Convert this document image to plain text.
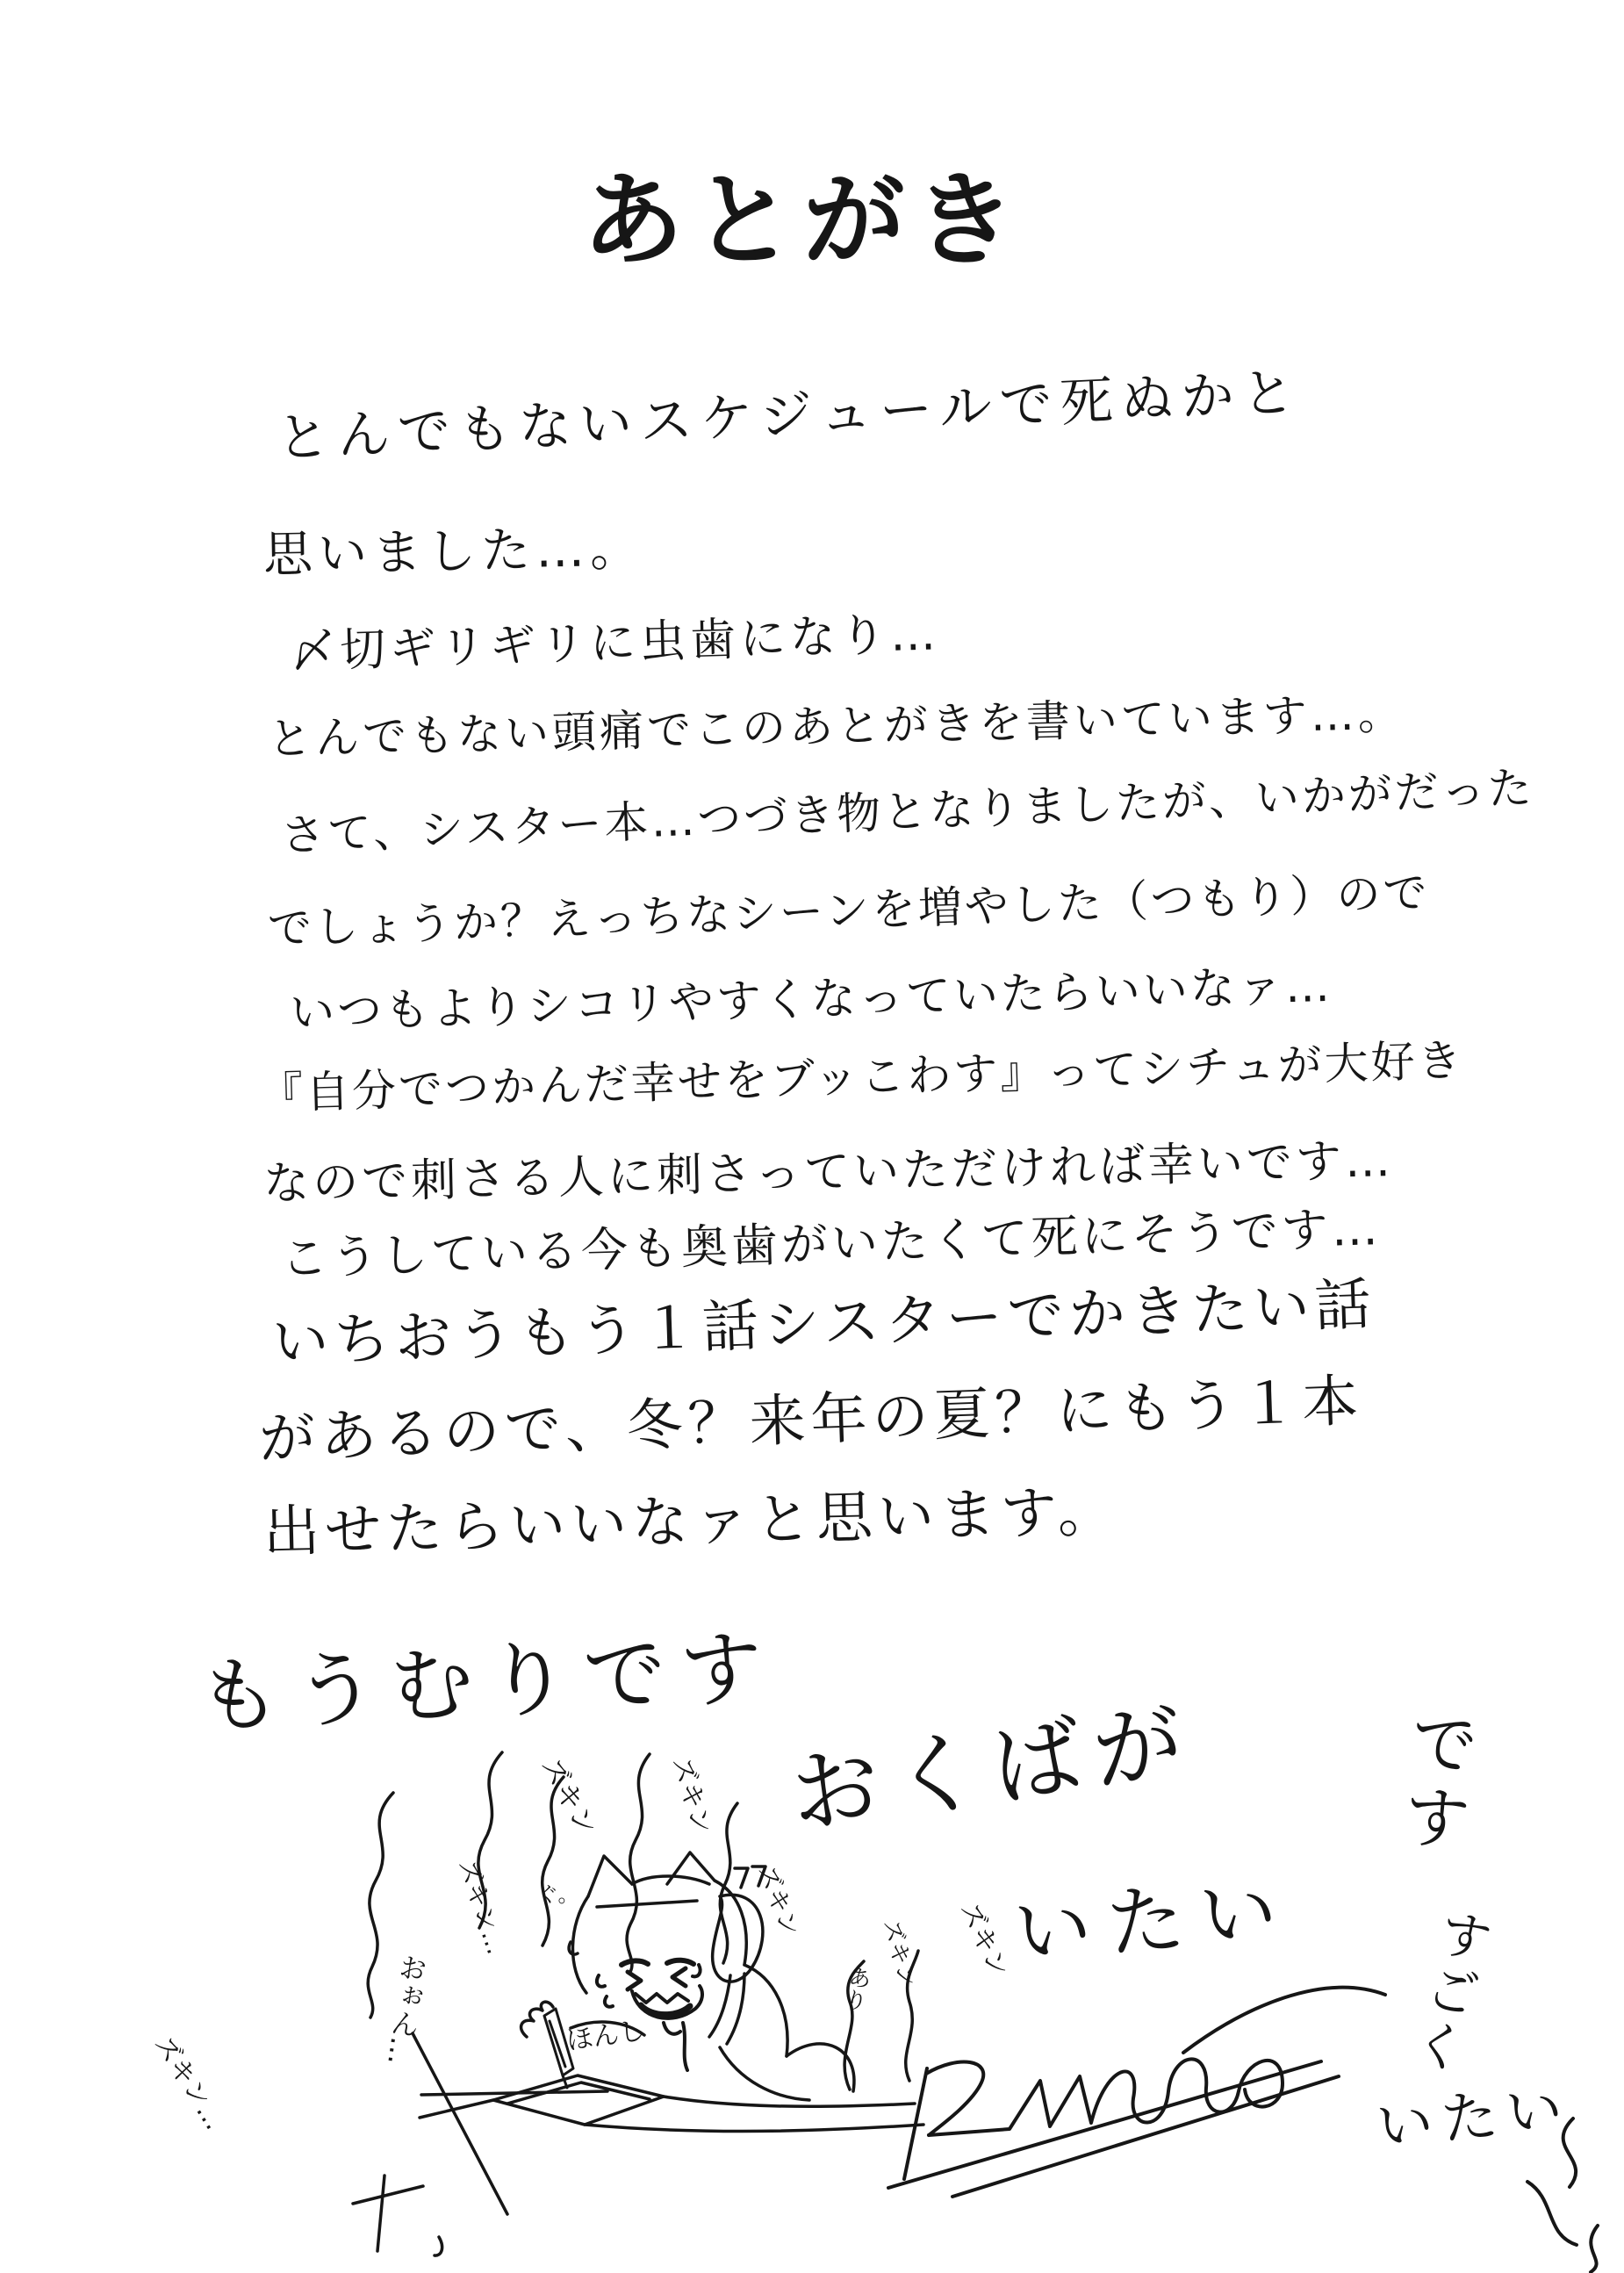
あとがき
とんでもないスケジュールで死ぬかと
思いました…。
〆切ギリギリに虫歯になり…
とんでもない頭痛でこのあとがきを書いています…。
さて、シスター本…つづき物となりましたが、いかがだった
でしょうか？えっちなシーンを増やした（つもり）ので
いつもよりシコリやすくなっていたらいいなァ…
『自分でつかんだ幸せをブッこわす』ってシチュが大好き
なので刺さる人に刺さっていただければ幸いです…
こうしている今も奥歯がいたくて死にそうです…
いちおうもう１話シスターでかきたい話
があるので、冬？来年の夏？にもう１本
出せたらいいなァと思います。
もうむりです
おくばが
いたい
です
すごく
いたい
ズキン ズキン
ズキン…	ズキン	ズキン
ズキン
ズキン…
あり
おぉん…
ぐ。
ほんし
